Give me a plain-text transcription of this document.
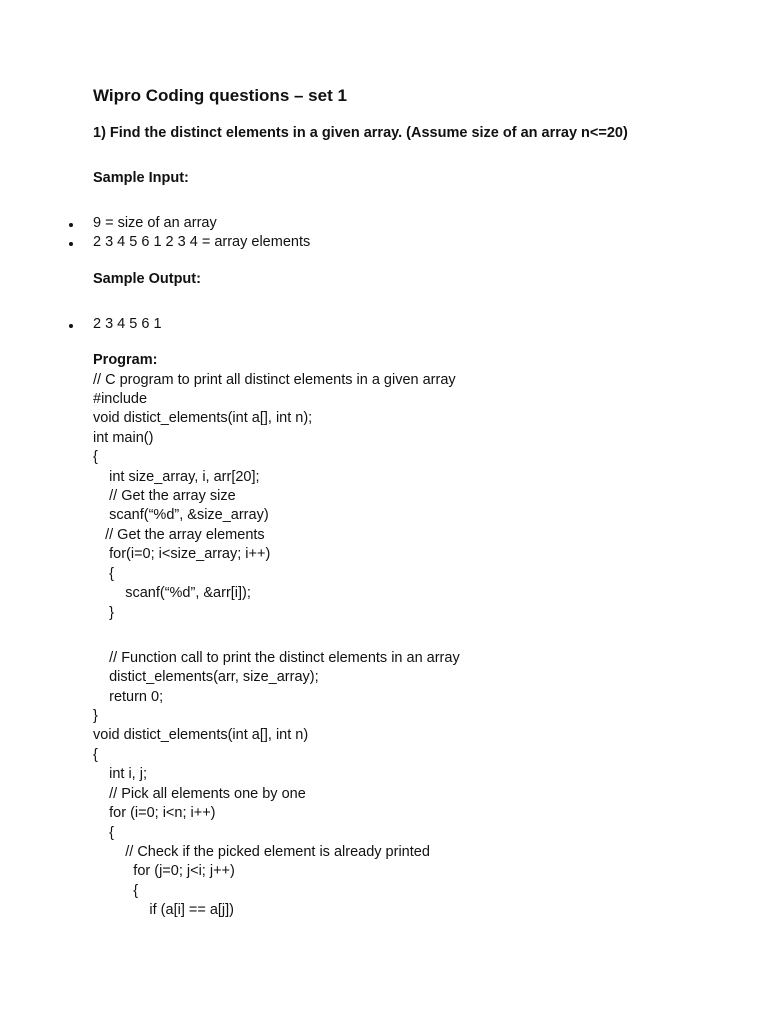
Wipro Coding questions – set 1
1) Find the distinct elements in a given array. (Assume size of an array n<=20)
Sample Input:
9 = size of an array
2 3 4 5 6 1 2 3 4 = array elements
Sample Output:
2 3 4 5 6 1
Program:
// C program to print all distinct elements in a given array
#include
void distict_elements(int a[], int n);
int main()
{
int size_array, i, arr[20];
// Get the array size
scanf(“%d”, &size_array)
// Get the array elements
for(i=0; i<size_array; i++)
{
scanf(“%d”, &arr[i]);
}
// Function call to print the distinct elements in an array
distict_elements(arr, size_array);
return 0;
}
void distict_elements(int a[], int n)
{
int i, j;
// Pick all elements one by one
for (i=0; i<n; i++)
{
// Check if the picked element is already printed
for (j=0; j<i; j++)
{
if (a[i] == a[j])
